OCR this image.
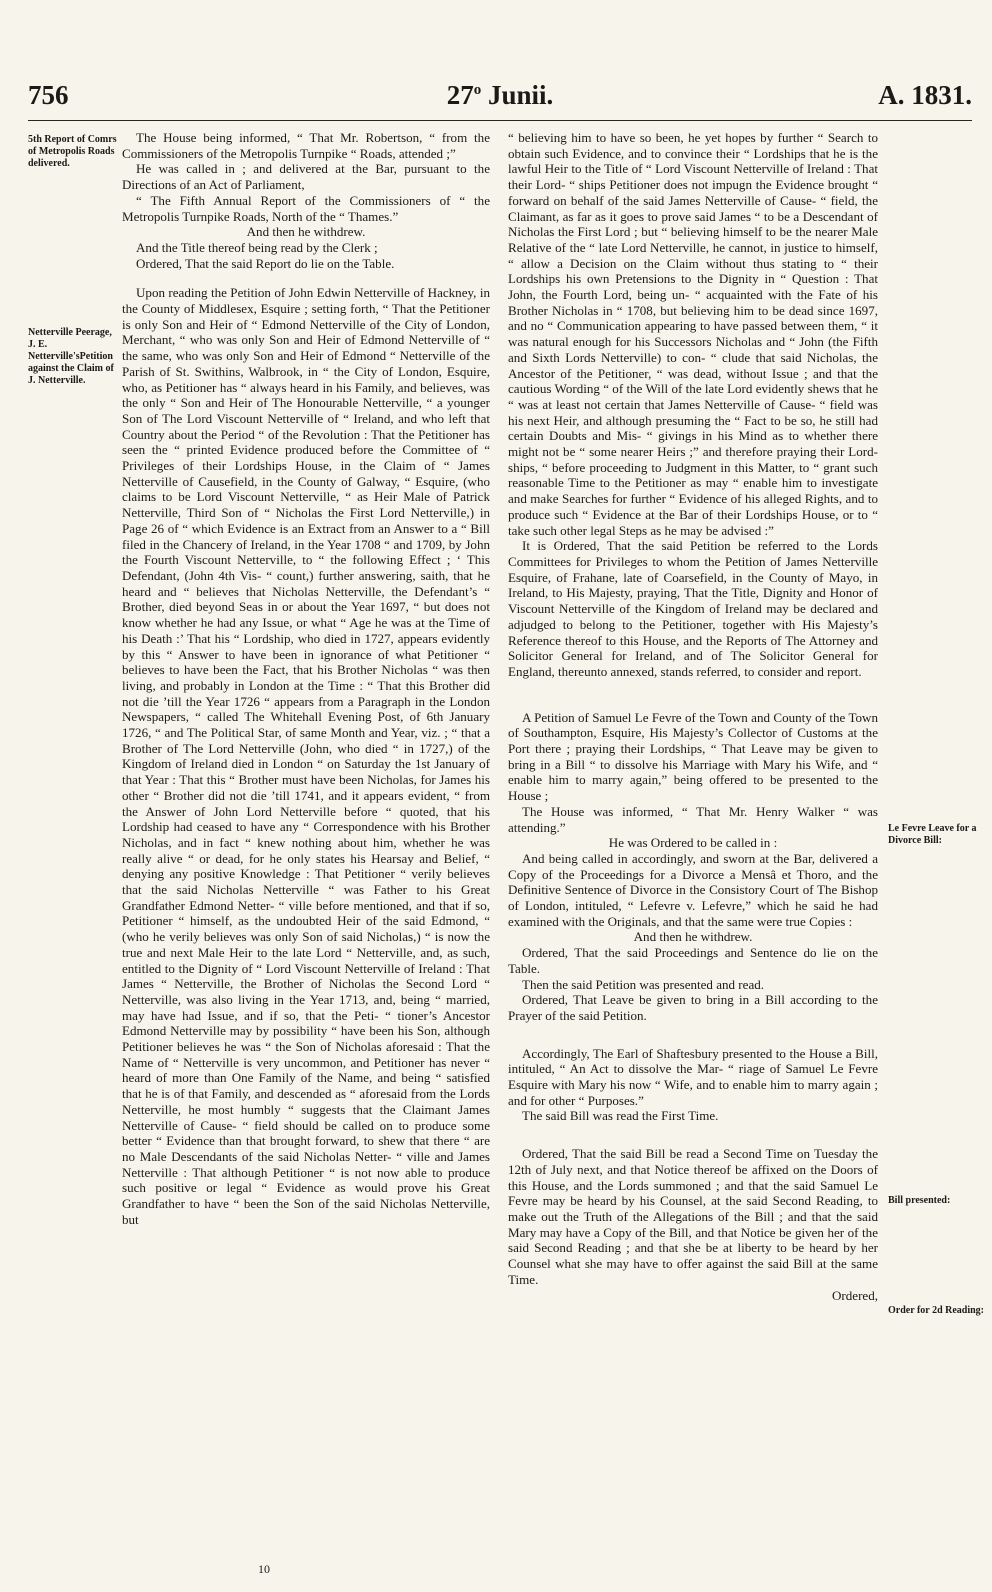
756	27$^o$ Junii.	A. 1831.
5th Report of Comrs of Metropolis Roads delivered.
Netterville Peerage, J. E. Netterville'sPetition against the Claim of J. Netterville.
Le Fevre Leave for a Divorce Bill:
Bill presented:
Order for 2d Reading:

The House being informed, “ That Mr. Robertson, “ from the Commissioners of the Metropolis Turnpike “ Roads, attended ;”

He was called in ; and delivered at the Bar, pursuant to the Directions of an Act of Parliament,

“ The Fifth Annual Report of the Commissioners of “ the Metropolis Turnpike Roads, North of the “ Thames.”

And then he withdrew.

And the Title thereof being read by the Clerk ;

Ordered, That the said Report do lie on the Table.

Upon reading the Petition of John Edwin Netterville of Hackney, in the County of Middlesex, Esquire ; setting forth, “ That the Petitioner is only Son and Heir of “ Edmond Netterville of the City of London, Merchant, “ who was only Son and Heir of Edmond Netterville of “ the same, who was only Son and Heir of Edmond “ Netterville of the Parish of St. Swithins, Walbrook, in “ the City of London, Esquire, who, as Petitioner has “ always heard in his Family, and believes, was the only “ Son and Heir of The Honourable Netterville, “ a younger Son of The Lord Viscount Netterville of “ Ireland, and who left that Country about the Period “ of the Revolution : That the Petitioner has seen the “ printed Evidence produced before the Committee of “ Privileges of their Lordships House, in the Claim of “ James Netterville of Causefield, in the County of Galway, “ Esquire, (who claims to be Lord Viscount Netterville, “ as Heir Male of Patrick Netterville, Third Son of “ Nicholas the First Lord Netterville,) in Page 26 of “ which Evidence is an Extract from an Answer to a “ Bill filed in the Chancery of Ireland, in the Year 1708 “ and 1709, by John the Fourth Viscount Netterville, to “ the following Effect ; ‘ This Defendant, (John 4th Vis- “ count,) further answering, saith, that he heard and “ believes that Nicholas Netterville, the Defendant’s “ Brother, died beyond Seas in or about the Year 1697, “ but does not know whether he had any Issue, or what “ Age he was at the Time of his Death :’ That his “ Lordship, who died in 1727, appears evidently by this “ Answer to have been in ignorance of what Petitioner “ believes to have been the Fact, that his Brother Nicholas “ was then living, and probably in London at the Time : “ That this Brother did not die ’till the Year 1726 “ appears from a Paragraph in the London Newspapers, “ called The Whitehall Evening Post, of 6th January 1726, “ and The Political Star, of same Month and Year, viz. ; “ that a Brother of The Lord Netterville (John, who died “ in 1727,) of the Kingdom of Ireland died in London “ on Saturday the 1st January of that Year : That this “ Brother must have been Nicholas, for James his other “ Brother did not die ’till 1741, and it appears evident, “ from the Answer of John Lord Netterville before “ quoted, that his Lordship had ceased to have any “ Correspondence with his Brother Nicholas, and in fact “ knew nothing about him, whether he was really alive “ or dead, for he only states his Hearsay and Belief, “ denying any positive Knowledge : That Petitioner “ verily believes that the said Nicholas Netterville “ was Father to his Great Grandfather Edmond Netter- “ ville before mentioned, and that if so, Petitioner “ himself, as the undoubted Heir of the said Edmond, “ (who he verily believes was only Son of said Nicholas,) “ is now the true and next Male Heir to the late Lord “ Netterville, and, as such, entitled to the Dignity of “ Lord Viscount Netterville of Ireland : That James “ Netterville, the Brother of Nicholas the Second Lord “ Netterville, was also living in the Year 1713, and, being “ married, may have had Issue, and if so, that the Peti- “ tioner’s Ancestor Edmond Netterville may by possibility “ have been his Son, although Petitioner believes he was “ the Son of Nicholas aforesaid : That the Name of “ Netterville is very uncommon, and Petitioner has never “ heard of more than One Family of the Name, and being “ satisfied that he is of that Family, and descended as “ aforesaid from the Lords Netterville, he most humbly “ suggests that the Claimant James Netterville of Cause- “ field should be called on to produce some better “ Evidence than that brought forward, to shew that there “ are no Male Descendants of the said Nicholas Netter- “ ville and James Netterville : That although Petitioner “ is not now able to produce such positive or legal “ Evidence as would prove his Great Grandfather to have “ been the Son of the said Nicholas Netterville, but

“ believing him to have so been, he yet hopes by further “ Search to obtain such Evidence, and to convince their “ Lordships that he is the lawful Heir to the Title of “ Lord Viscount Netterville of Ireland : That their Lord- “ ships Petitioner does not impugn the Evidence brought “ forward on behalf of the said James Netterville of Cause- “ field, the Claimant, as far as it goes to prove said James “ to be a Descendant of Nicholas the First Lord ; but “ believing himself to be the nearer Male Relative of the “ late Lord Netterville, he cannot, in justice to himself, “ allow a Decision on the Claim without thus stating to “ their Lordships his own Pretensions to the Dignity in “ Question : That John, the Fourth Lord, being un- “ acquainted with the Fate of his Brother Nicholas in “ 1708, but believing him to be dead since 1697, and no “ Communication appearing to have passed between them, “ it was natural enough for his Successors Nicholas and “ John (the Fifth and Sixth Lords Netterville) to con- “ clude that said Nicholas, the Ancestor of the Petitioner, “ was dead, without Issue ; and that the cautious Wording “ of the Will of the late Lord evidently shews that he “ was at least not certain that James Netterville of Cause- “ field was his next Heir, and although presuming the “ Fact to be so, he still had certain Doubts and Mis- “ givings in his Mind as to whether there might not be “ some nearer Heirs ;” and therefore praying their Lord- ships, “ before proceeding to Judgment in this Matter, to “ grant such reasonable Time to the Petitioner as may “ enable him to investigate and make Searches for further “ Evidence of his alleged Rights, and to produce such “ Evidence at the Bar of their Lordships House, or to “ take such other legal Steps as he may be advised :”

It is Ordered, That the said Petition be referred to the Lords Committees for Privileges to whom the Petition of James Netterville Esquire, of Frahane, late of Coarsefield, in the County of Mayo, in Ireland, to His Majesty, praying, That the Title, Dignity and Honor of Viscount Netterville of the Kingdom of Ireland may be declared and adjudged to belong to the Petitioner, together with His Majesty’s Reference thereof to this House, and the Reports of The Attorney and Solicitor General for Ireland, and of The Solicitor General for England, thereunto annexed, stands referred, to consider and report.

A Petition of Samuel Le Fevre of the Town and County of the Town of Southampton, Esquire, His Majesty’s Collector of Customs at the Port there ; praying their Lordships, “ That Leave may be given to bring in a Bill “ to dissolve his Marriage with Mary his Wife, and “ enable him to marry again,” being offered to be presented to the House ;

The House was informed, “ That Mr. Henry Walker “ was attending.”

He was Ordered to be called in :

And being called in accordingly, and sworn at the Bar, delivered a Copy of the Proceedings for a Divorce a Mensâ et Thoro, and the Definitive Sentence of Divorce in the Consistory Court of The Bishop of London, intituled, “ Lefevre v. Lefevre,” which he said he had examined with the Originals, and that the same were true Copies :

And then he withdrew.

Ordered, That the said Proceedings and Sentence do lie on the Table.

Then the said Petition was presented and read.

Ordered, That Leave be given to bring in a Bill according to the Prayer of the said Petition.

Accordingly, The Earl of Shaftesbury presented to the House a Bill, intituled, “ An Act to dissolve the Mar- “ riage of Samuel Le Fevre Esquire with Mary his now “ Wife, and to enable him to marry again ; and for other “ Purposes.”

The said Bill was read the First Time.

Ordered, That the said Bill be read a Second Time on Tuesday the 12th of July next, and that Notice thereof be affixed on the Doors of this House, and the Lords summoned ; and that the said Samuel Le Fevre may be heard by his Counsel, at the said Second Reading, to make out the Truth of the Allegations of the Bill ; and that the said Mary may have a Copy of the Bill, and that Notice be given her of the said Second Reading ; and that she be at liberty to be heard by her Counsel what she may have to offer against the said Bill at the same Time.

Ordered,

10
